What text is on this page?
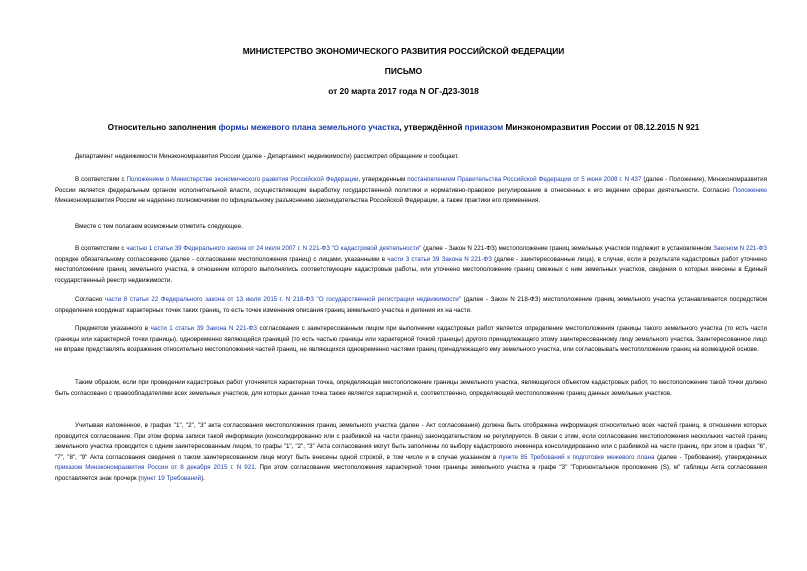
МИНИСТЕРСТВО ЭКОНОМИЧЕСКОГО РАЗВИТИЯ РОССИЙСКОЙ ФЕДЕРАЦИИ
ПИСЬМО
от 20 марта 2017 года N ОГ-Д23-3018
Относительно заполнения формы межевого плана земельного участка, утверждённой приказом Минэкономразвития России от 08.12.2015 N 921

Департамент недвижимости Минэкономразвития России (далее - Департамент недвижимости) рассмотрел обращение и сообщает.

В соответствии с Положением о Министерстве экономического развития Российской Федерации, утвержденным постановлением Правительства Российской Федерации от 5 июня 2008 г. N 437 (далее - Положение), Минэкономразвития России является федеральным органом исполнительной власти, осуществляющим выработку государственной политики и нормативно-правовое регулирование в отнесенных к его ведении сферах деятельности. Согласно Положению Минэкономразвития России не наделено полномочиями по официальному разъяснению законодательства Российской Федерации, а также практики его применения.

Вместе с тем полагаем возможным отметить следующее.

В соответствии с частью 1 статьи 39 Федерального закона от 24 июля 2007 г. N 221-ФЗ "О кадастровой деятельности" (далее - Закон N 221-ФЗ) местоположение границ земельных участков подлежит в установленном Законом N 221-ФЗ порядке обязательному согласованию (далее - согласование местоположения границ) с лицами, указанными в части 3 статьи 39 Закона N 221-ФЗ (далее - заинтересованные лица), в случае, если в результате кадастровых работ уточнено местоположение границ земельного участка, в отношении которого выполнялись соответствующие кадастровые работы, или уточнено местоположение границ смежных с ним земельных участков, сведения о которых внесены в Единый государственный реестр недвижимости.

Согласно части 8 статьи 22 Федерального закона от 13 июля 2015 г. N 218-ФЗ "О государственной регистрации недвижимости" (далее - Закон N 218-ФЗ) местоположение границ земельного участка устанавливается посредством определения координат характерных точек таких границ, то есть точек изменения описания границ земельного участка и деления их на части.

Предметом указанного в части 1 статьи 39 Закона N 221-ФЗ согласования с заинтересованным лицом при выполнении кадастровых работ является определение местоположения границы такого земельного участка (то есть части границы или характерной точки границы), одновременно являющейся границей (то есть частью границы или характерной точкой границы) другого принадлежащего этому заинтересованному лицу земельного участка. Заинтересованное лицо не вправе представлять возражения относительно местоположения частей границ, не являющихся одновременно частями границ принадлежащего ему земельного участка, или согласовывать местоположение границ на возмездной основе.

Таким образом, если при проведении кадастровых работ уточняется характерная точка, определяющая местоположение границы земельного участка, являющегося объектом кадастровых работ, то местоположение такой точки должно быть согласовано с правообладателями всех земельных участков, для которых данная точка также является характерной и, соответственно, определяющей местоположение границ данных земельных участков.

Учитывая изложенное, в графах "1", "2", "3" акта согласования местоположения границ земельного участка (далее - Акт согласования) должна быть отображена информация относительно всех частей границ, в отношении которых проводится согласование. При этом форма записи такой информации (консолидированно или с разбивкой на части границ) законодательством не регулируется. В связи с этим, если согласование местоположения нескольких частей границ земельного участка проводится с одним заинтересованным лицом, то графы "1", "2", "3" Акта согласования могут быть заполнены по выбору кадастрового инженера консолидированно или с разбивкой на части границ, при этом в графах "6", "7", "8", "9" Акта согласования сведения о таком заинтересованном лице могут быть внесены одной строкой, в том числе и в случае указанном в пункте 85 Требований к подготовке межевого плана (далее - Требования), утвержденных приказом Минэкономразвития России от 8 декабря 2015 г. N 921. При этом согласование местоположения характерной точки границы земельного участка в графе "3" "Горизонтальное проложение (S), м" таблицы Акта согласования проставляется знак прочерк (пункт 19 Требований).
